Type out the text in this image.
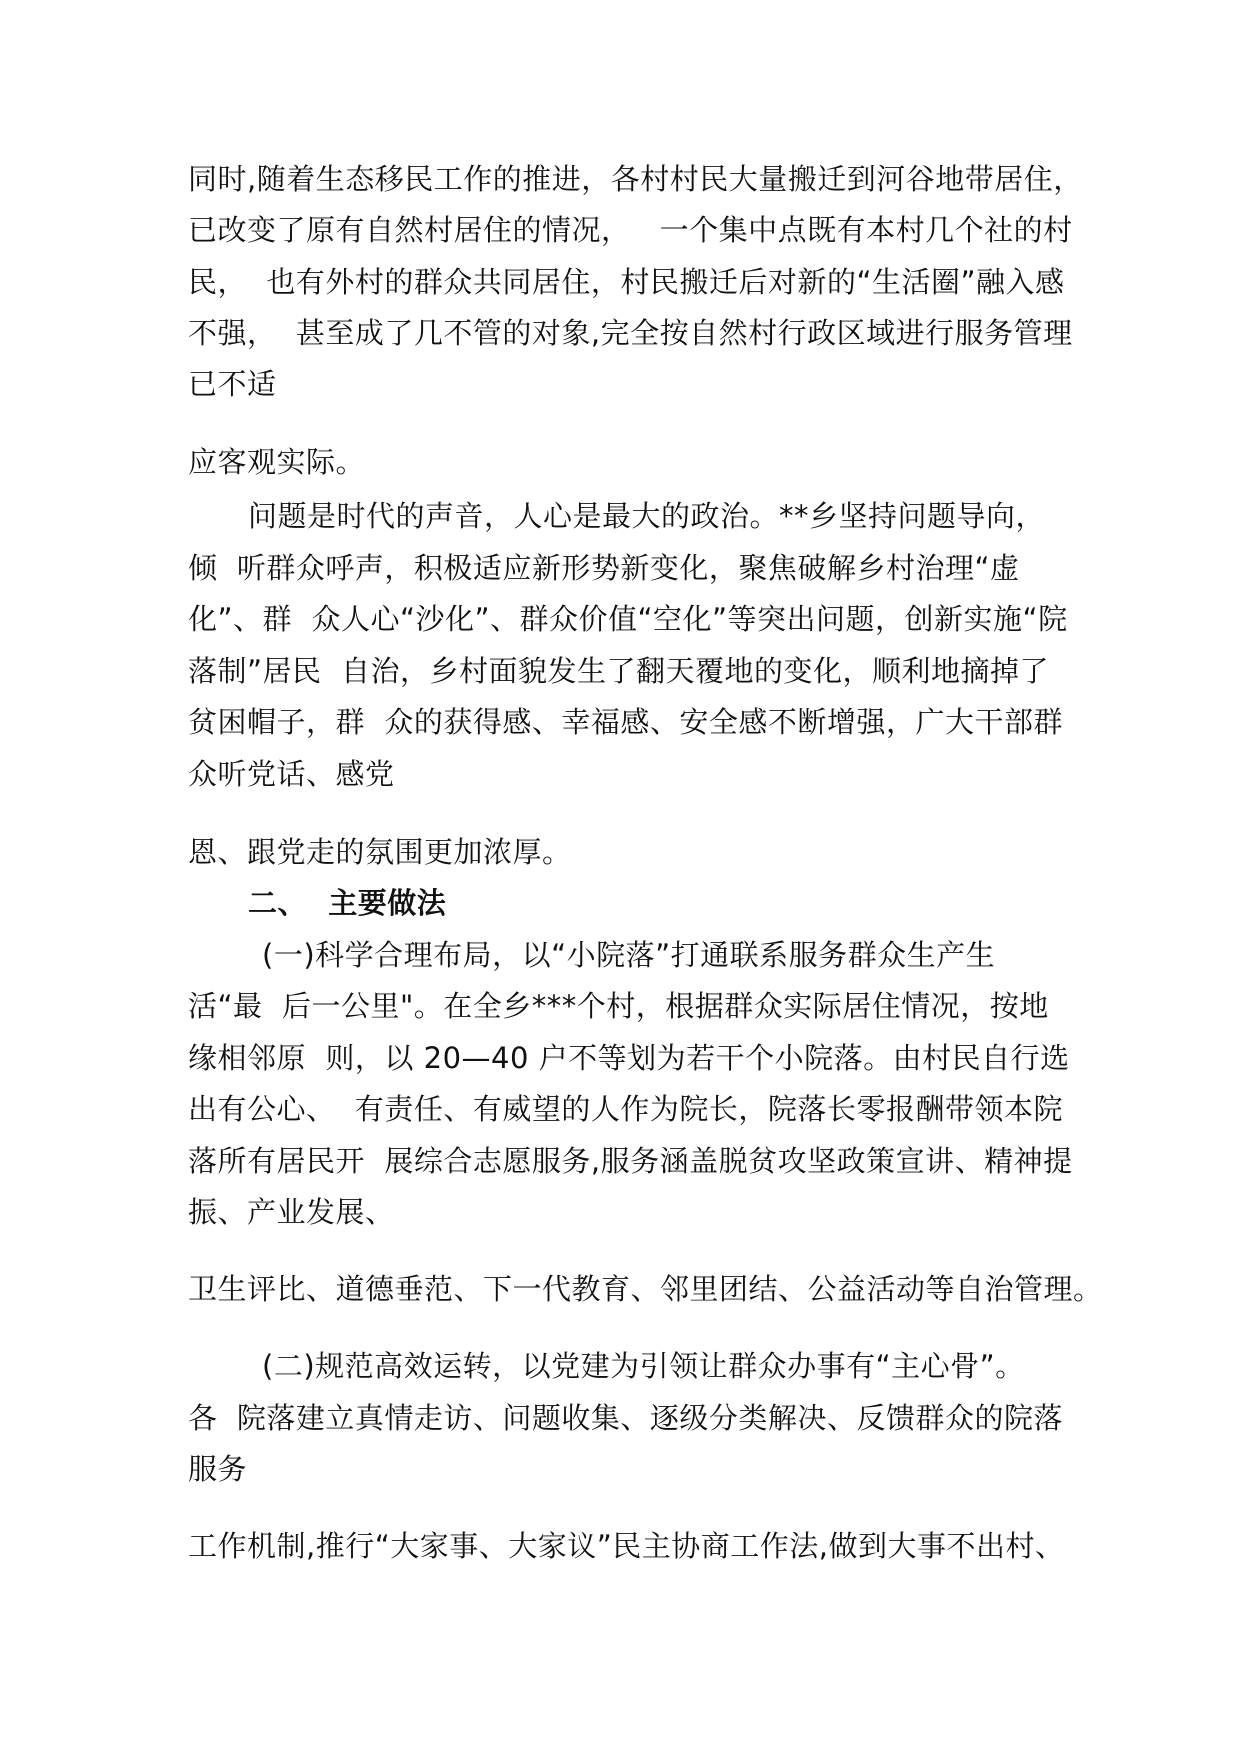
同时,随着生态移民工作的推进，各村村民大量搬迁到河谷地带居住，
已改变了原有自然村居住的情况，   一个集中点既有本村几个社的村
民，  也有外村的群众共同居住，村民搬迁后对新的“生活圈”融入感
不强，  甚至成了几不管的对象,完全按自然村行政区域进行服务管理
已不适
应客观实际。
问题是时代的声音，人心是最大的政治。**乡坚持问题导向，
倾  听群众呼声，积极适应新形势新变化，聚焦破解乡村治理“虚
化”、群  众人心“沙化”、群众价值“空化”等突出问题，创新实施“院
落制”居民  自治，乡村面貌发生了翻天覆地的变化，顺利地摘掉了
贫困帽子，群  众的获得感、幸福感、安全感不断增强，广大干部群
众听党话、感党
恩、跟党走的氛围更加浓厚。
二、  主要做法
(一)科学合理布局，以“小院落”打通联系服务群众生产生
活“最  后一公里"。在全乡***个村，根据群众实际居住情况，按地
缘相邻原  则，以 20—40 户不等划为若干个小院落。由村民自行选
出有公心、  有责任、有威望的人作为院长，院落长零报酬带领本院
落所有居民开  展综合志愿服务,服务涵盖脱贫攻坚政策宣讲、精神提
振、产业发展、
卫生评比、道德垂范、下一代教育、邻里团结、公益活动等自治管理。
(二)规范高效运转，以党建为引领让群众办事有“主心骨”。
各  院落建立真情走访、问题收集、逐级分类解决、反馈群众的院落
服务
工作机制,推行“大家事、大家议”民主协商工作法,做到大事不出村、
